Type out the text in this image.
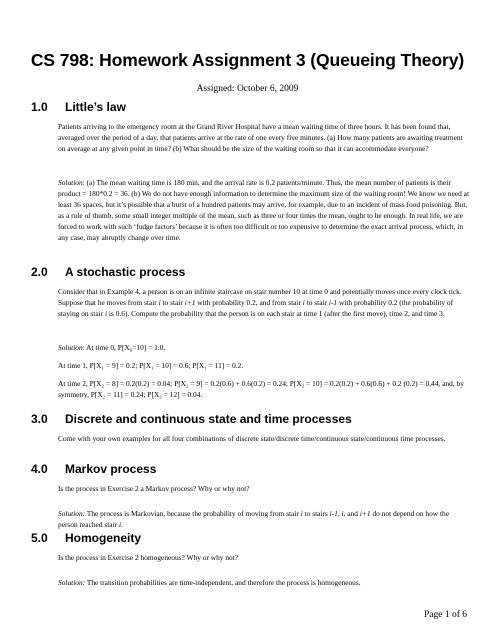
CS 798: Homework Assignment 3 (Queueing Theory)
Assigned: October 6, 2009
1.0 Little’s law

Patients arriving to the emergency room at the Grand River Hospital have a mean waiting time of three hours. It has been found that, averaged over the period of a day, that patients arrive at the rate of one every five minutes. (a) How many patients are awaiting treatment on average at any given point in time? (b) What should be the size of the waiting room so that it can accommodate everyone?

Solution: (a) The mean waiting time is 180 min, and the arrival rate is 0.2 patients/minute. Thus, the mean number of patients is their product = 180*0.2 = 36. (b) We do not have enough information to determine the maximum size of the waiting room! We know we need at least 36 spaces, but it’s possible that a burst of a hundred patients may arrive, for example, due to an incident of mass food poisoning. But, as a rule of thumb, some small integer multiple of the mean, such as three or four times the mean, ought to be enough. In real life, we are forced to work with such ‘fudge factors’ because it is often too difficult or too expensive to determine the exact arrival process, which, in any case, may abruptly change over time.

2.0 A stochastic process

Consider that in Example 4, a person is on an infinite staircase on stair number 10 at time 0 and potentially moves once every clock tick. Suppose that he moves from stair i to stair i+1 with probability 0.2, and from stair i to stair i-1 with probability 0.2 (the probability of staying on stair i is 0.6). Compute the probability that the person is on each stair at time 1 (after the first move), time 2, and time 3.

Solution: At time 0, P[X₀=10] = 1.0.

At time 1, P[X₁ = 9] = 0.2; P[X₁ = 10] = 0.6; P[X₁ = 11] = 0.2.

At time 2, P[X₂ = 8] = 0.2(0.2) = 0.04; P[X₂ = 9] = 0.2(0.6) + 0.6(0.2) = 0.24; P[X₂ = 10] = 0.2(0.2) + 0.6(0.6) + 0.2 (0.2) = 0.44, and, by symmetry, P[X₂ = 11] = 0.24; P[X₂ = 12] = 0.04.

3.0 Discrete and continuous state and time processes

Come with your own examples for all four combinations of discrete state/discrete time/continuous state/continuous time processes.

4.0 Markov process

Is the process in Exercise 2 a Markov process? Why or why not?

Solution: The process is Markovian, because the probability of moving from stair i to stairs i-1, i, and i+1 do not depend on how the person reached stair i.

5.0 Homogeneity

Is the process in Exercise 2 homogeneous? Why or why not?

Solution: The transition probabilities are time-independent, and therefore the process is homogeneous.

Page 1 of 6
